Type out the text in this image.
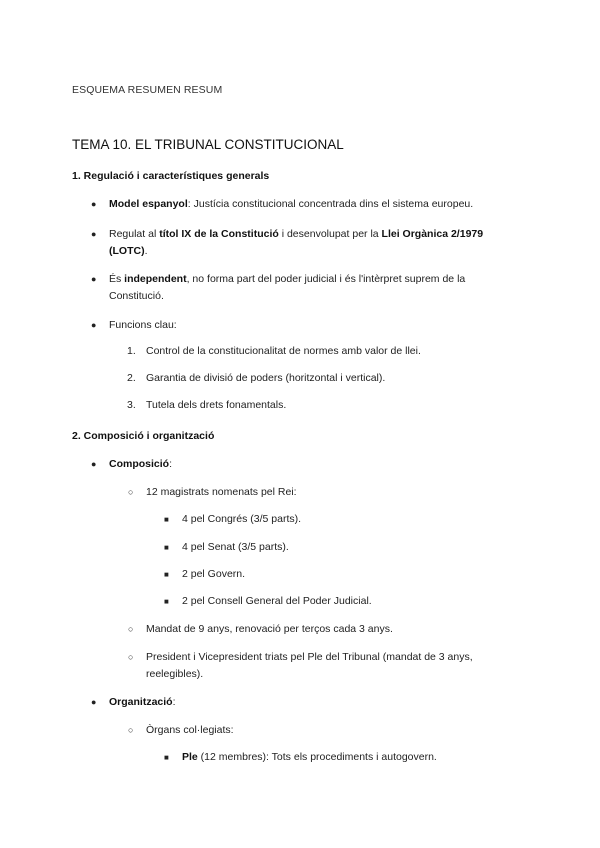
ESQUEMA RESUMEN RESUM
TEMA 10. EL TRIBUNAL CONSTITUCIONAL
1. Regulació i característiques generals
● Model espanyol: Justícia constitucional concentrada dins el sistema europeu.
● Regulat al títol IX de la Constitució i desenvolupat per la Llei Orgànica 2/1979
(LOTC).
● És independent, no forma part del poder judicial i és l'intèrpret suprem de la
Constitució.
● Funcions clau:
1. Control de la constitucionalitat de normes amb valor de llei.
2. Garantia de divisió de poders (horitzontal i vertical).
3. Tutela dels drets fonamentals.
2. Composició i organització
● Composició:
○ 12 magistrats nomenats pel Rei:
■ 4 pel Congrés (3/5 parts).
■ 4 pel Senat (3/5 parts).
■ 2 pel Govern.
■ 2 pel Consell General del Poder Judicial.
○ Mandat de 9 anys, renovació per terços cada 3 anys.
○ President i Vicepresident triats pel Ple del Tribunal (mandat de 3 anys,
reelegibles).
● Organització:
○ Òrgans col·legiats:
■ Ple (12 membres): Tots els procediments i autogovern.
